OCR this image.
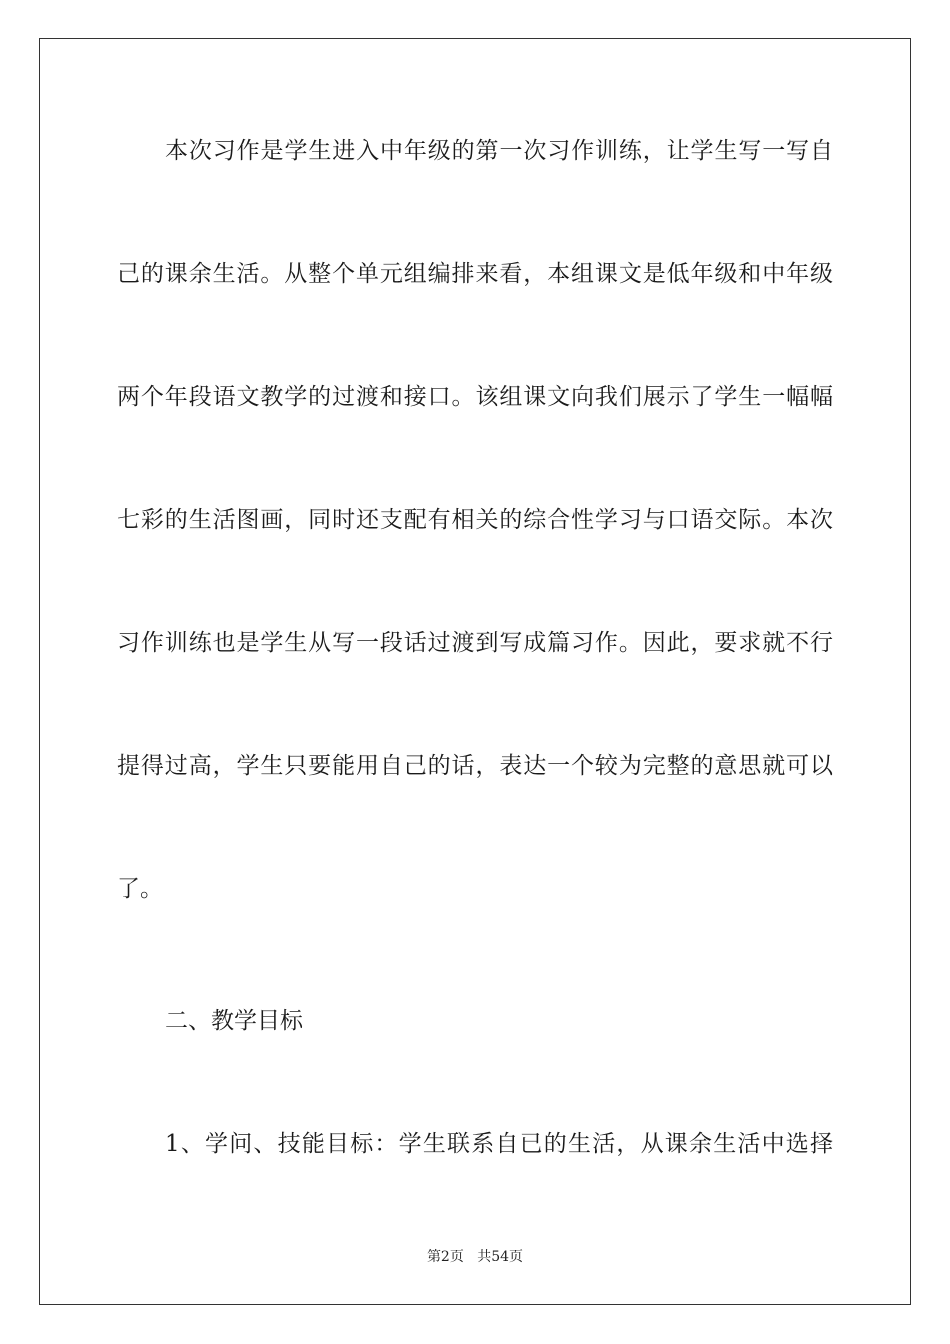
本次习作是学生进入中年级的第一次习作训练，让学生写一写自
己的课余生活。从整个单元组编排来看，本组课文是低年级和中年级
两个年段语文教学的过渡和接口。该组课文向我们展示了学生一幅幅
七彩的生活图画，同时还支配有相关的综合性学习与口语交际。本次
习作训练也是学生从写一段话过渡到写成篇习作。因此，要求就不行
提得过高，学生只要能用自己的话，表达一个较为完整的意思就可以
了。
二、教学目标
1、学问、技能目标：学生联系自已的生活，从课余生活中选择
第2页 共54页
